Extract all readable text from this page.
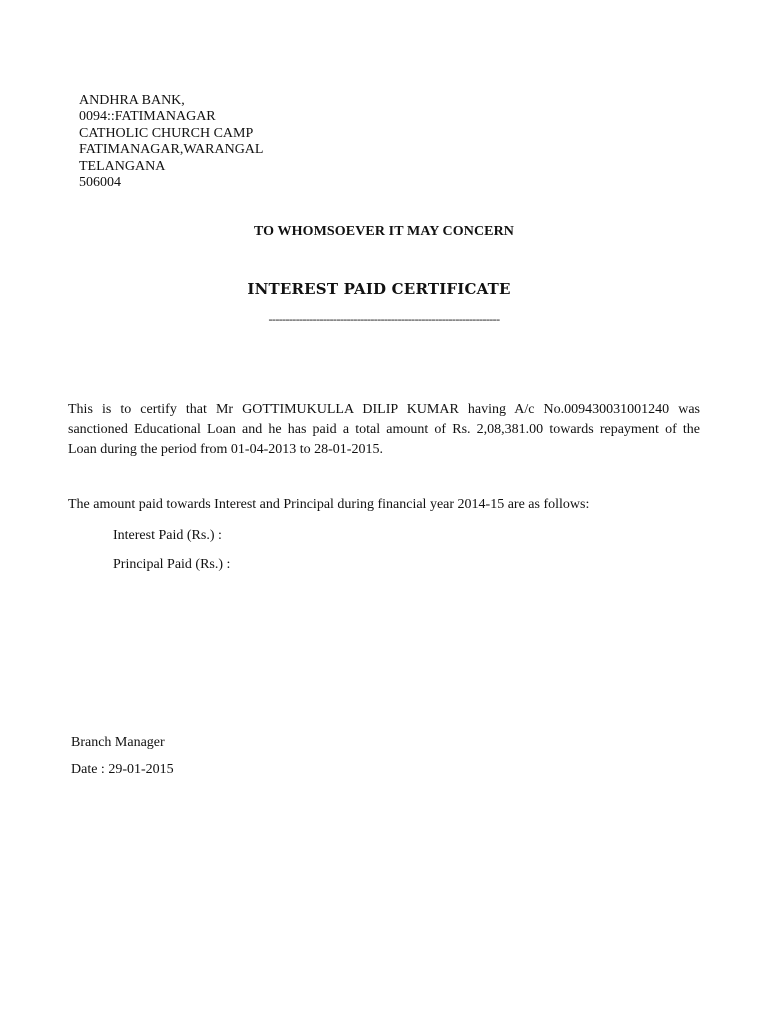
ANDHRA BANK,
0094::FATIMANAGAR
CATHOLIC CHURCH CAMP
FATIMANAGAR,WARANGAL
TELANGANA
506004
TO WHOMSOEVER IT MAY CONCERN
INTEREST PAID CERTIFICATE
--------------------------------------------------------------------
This is to certify that Mr GOTTIMUKULLA DILIP KUMAR having A/c No.009430031001240 was
sanctioned Educational Loan and he has paid a total amount of Rs. 2,08,381.00 towards repayment of the
Loan during the period from 01-04-2013 to 28-01-2015.
The amount paid towards Interest and Principal during financial year 2014-15 are as follows:
Interest Paid (Rs.) :
Principal Paid (Rs.) :
Branch Manager
Date : 29-01-2015
